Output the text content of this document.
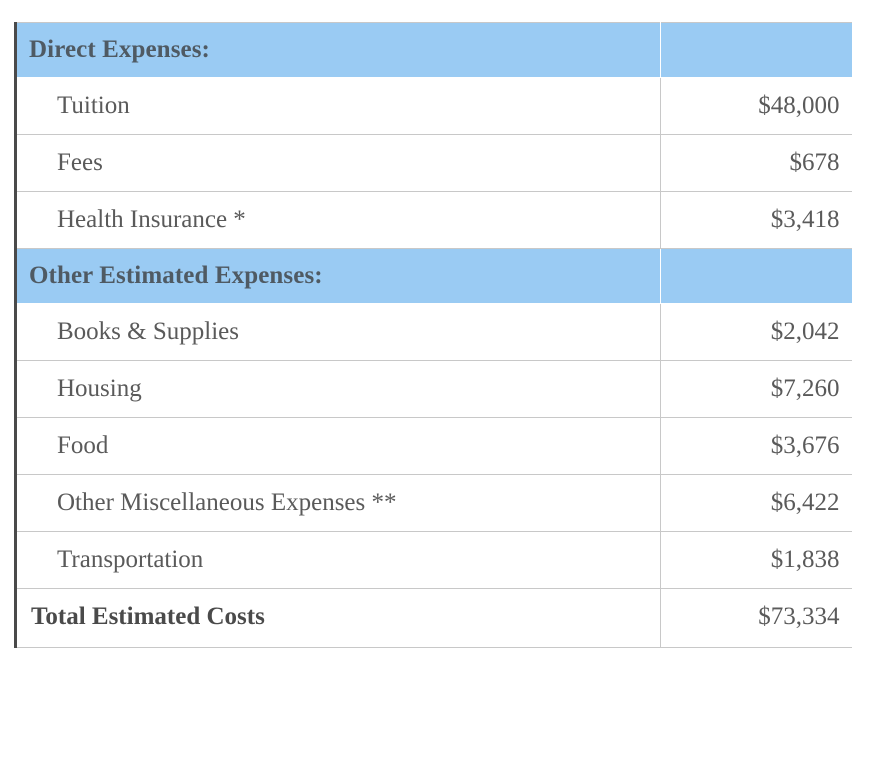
Direct Expenses:	
Tuition	$48,000
Fees	$678
Health Insurance *	$3,418
Other Estimated Expenses:	
Books & Supplies	$2,042
Housing	$7,260
Food	$3,676
Other Miscellaneous Expenses **	$6,422
Transportation	$1,838
Total Estimated Costs	$73,334
